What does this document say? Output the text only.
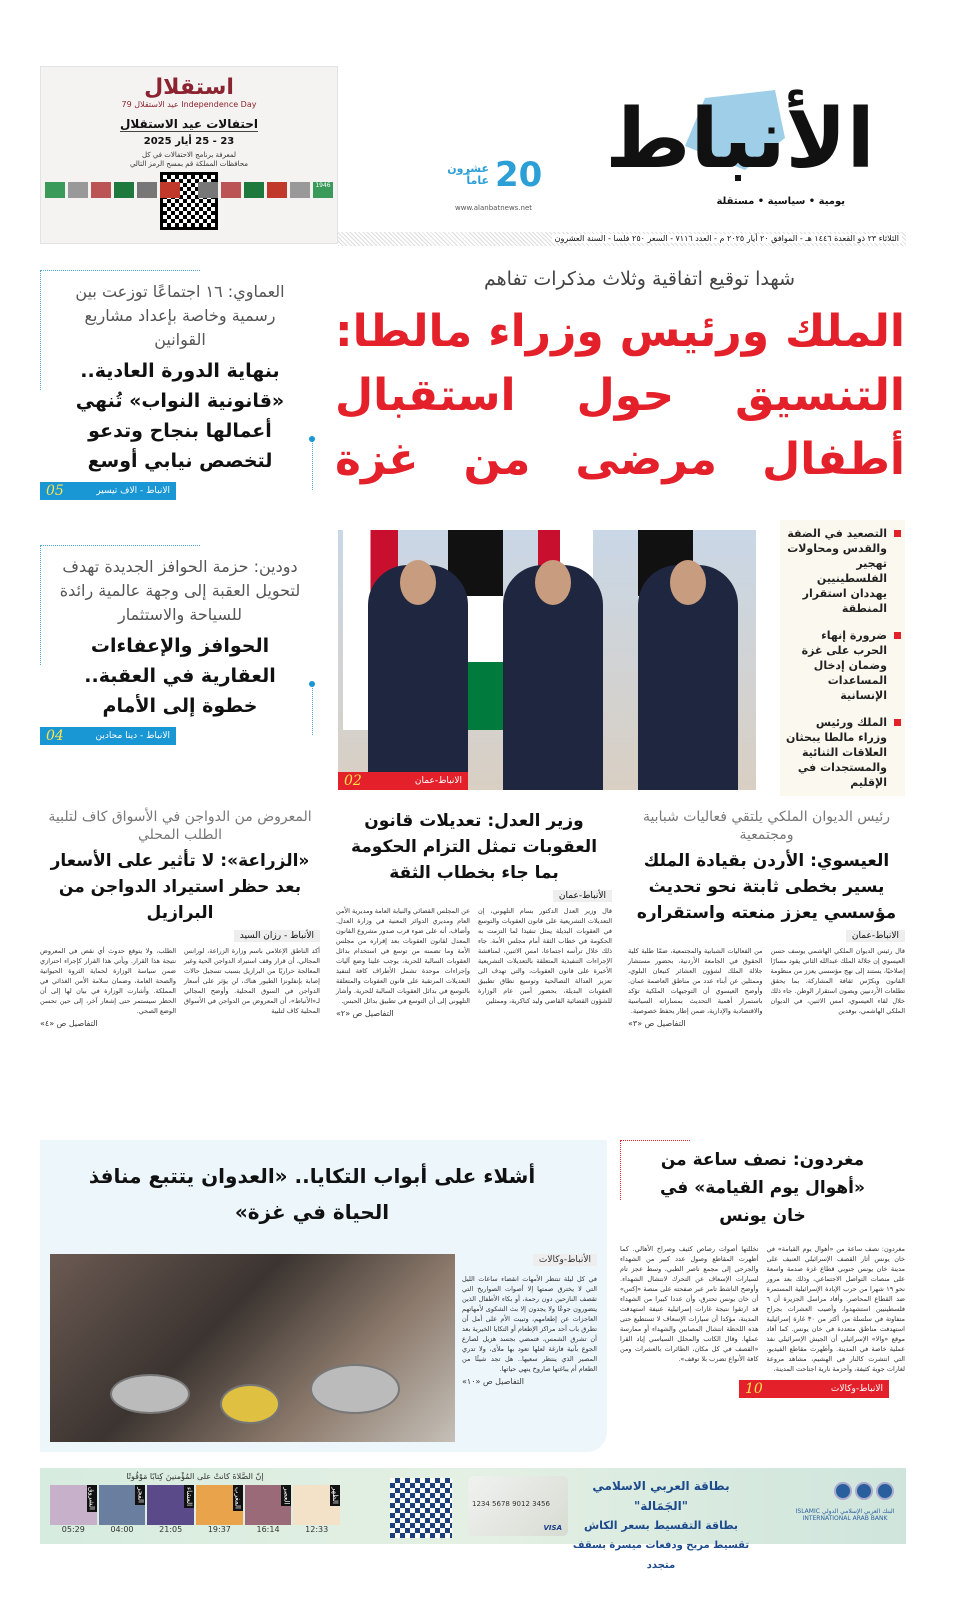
استقلال
Independence Day عيد الاستقلال 79
احتفالات عيد الاستقلال
23 - 25 أيار 2025
لمعرفة برنامج الاحتفالات في كل محافظات المملكة قم بمسح الرمز التالي
1946	الأنباط
يومية • سياسية • مستقلة
20
عشرون عاماً
www.alanbatnews.net
الثلاثاء ٢٣ ذو القعدة ١٤٤٦ هـ - الموافق ٢٠ أيار ٢٠٢٥ م - العدد ٧١١٦ - السعر ٢٥٠ فلسا - السنة العشرون
شهدا توقيع اتفاقية وثلاث مذكرات تفاهم
الملك ورئيس وزراء مالطا: التنسيق حول استقبال أطفال مرضى من غزة
الانباط-عمان
02
التصعيد في الضفة والقدس ومحاولات تهجير الفلسطينيين يهددان استقرار المنطقة
ضرورة إنهاء الحرب على غزة وضمان إدخال المساعدات الإنسانية
الملك ورئيس وزراء مالطا يبحثان العلاقات الثنائية والمستجدات في الإقليم
العماوي: ١٦ اجتماعًا توزعت بين رسمية وخاصة بإعداد مشاريع القوانين
بنهاية الدورة العادية.. «قانونية النواب» تُنهي أعمالها بنجاح وتدعو لتخصص نيابي أوسع
الانباط - الاف تيسير
05
دودين: حزمة الحوافز الجديدة تهدف لتحويل العقبة إلى وجهة عالمية رائدة للسياحة والاستثمار
الحوافز والإعفاءات العقارية في العقبة.. خطوة إلى الأمام
الانباط - دينا محادين
04
رئيس الديوان الملكي يلتقي فعاليات شبابية ومجتمعية
العيسوي: الأردن بقيادة الملك يسير بخطى ثابتة نحو تحديث مؤسسي يعزز منعته واستقراره
الانباط-عمان

قال رئيس الديوان الملكي الهاشمي يوسف حسن العيسوي إن جلالة الملك عبدالله الثاني يقود مسارًا إصلاحيًا، يستند إلى نهج مؤسسي يعزز من منظومة القانون ويكرّس ثقافة المشاركة، بما يحقق تطلعات الأردنيين ويصون استقرار الوطن. جاء ذلك خلال لقاء العيسوي، امس الاثنين، في الديوان الملكي الهاشمي، بوفدين

من الفعاليات الشبابية والمجتمعية، ضمّا طلبة كلية الحقوق في الجامعة الأردنية، بحضور مستشار جلالة الملك لشؤون العشائر كنيعان البلوي، وممثلين عن أبناء عدد من مناطق العاصمة عمان. وأوضح العيسوي أن التوجيهات الملكية تؤكد باستمرار أهمية التحديث بمساراته السياسية والاقتصادية والإدارية، ضمن إطار يحفظ خصوصية.

التفاصيل ص «٣»
وزير العدل: تعديلات قانون العقوبات تمثل التزام الحكومة بما جاء بخطاب الثقة
الأنباط-عمان

قال وزير العدل الدكتور بسام التلهوني، إن التعديلات التشريعية على قانون العقوبات والتوسع في العقوبات البديلة يمثل تنفيذا لما التزمت به الحكومة في خطاب الثقة أمام مجلس الأمة. جاء ذلك خلال ترأسه اجتماعا، امس الاثنين، لمناقشة الإجراءات التنفيذية المتعلقة بالتعديلات التشريعية الأخيرة على قانون العقوبات، والتي تهدف الى تعزيز العدالة التصالحية وتوسيع نطاق تطبيق العقوبات البديلة، بحضور أمين عام الوزارة للشؤون القضائية القاضي وليد كناكرية، وممثلين

عن المجلس القضائي والنيابة العامة ومديرية الأمن العام ومديري الدوائر المعنية في وزارة العدل. وأضاف، أنه على ضوء قرب صدور مشروع القانون المعدل لقانون العقوبات بعد إقراره من مجلس الأمة وما تضمنه من توسع في استخدام بدائل العقوبات السالبة للحرية، يوجب علينا وضع آليات وإجراءات موحدة تشمل الأطراف كافة لتنفيذ التعديلات المرتقبة على قانون العقوبات والمتعلقة بالتوسع في بدائل العقوبات السالبة للحرية. وأشار التلهوني إلى أن التوسع في تطبيق بدائل الحبس.

التفاصيل ص «٢»
المعروض من الدواجن في الأسواق كاف لتلبية الطلب المحلي
«الزراعة»: لا تأثير على الأسعار بعد حظر استيراد الدواجن من البرازيل
الأنباط - رزان السيد

أكد الناطق الإعلامي باسم وزارة الزراعة، لورانس المجالي، أن قرار وقف استيراد الدواجن الحية وغير المعالجة حراريًا من البرازيل بسبب تسجيل حالات إصابة بإنفلونزا الطيور هناك، لن يؤثر على أسعار الدواجن في السوق المحلية. وأوضح المجالي لـ«الأنباط»، أن المعروض من الدواجن في الأسواق المحلية كاف لتلبية

الطلب، ولا يتوقع حدوث أي نقص في المعروض نتيجة هذا القرار. ويأتي هذا القرار كإجراء احترازي ضمن سياسة الوزارة لحماية الثروة الحيوانية والصحة العامة، وضمان سلامة الأمن الغذائي في المملكة. وأشارت الوزارة في بيان لها إلى أن الحظر سيستمر حتى إشعار آخر، إلى حين تحسن الوضع الصحي.

التفاصيل ص «٤»
أشلاء على أبواب التكايا.. «العدوان يتتبع منافذ الحياة في غزة»
الأنباط-وكالات

في كل ليلة تنتظر الأمهات انقضاء ساعات الليل التي لا يخترق صمتها إلا أصوات الصواريخ التي تقصف النازحين دون رحمة، أو بكاء الأطفال الذين يتضورون جوعًا ولا يجدون إلا بث الشكوى لأمهاتهم العاجزات عن إطعامهم، وتبيت الأم على أمل أن تطرق باب أحد مراكز الإطعام أو التكايا الخيرية بعد أن تشرق الشمس، فتمضي بجسد هزيل لصارع الجوع بآنية فارغة لعلها تعود بها ملأى، ولا تدري المصير الذي ينتظر سعيها.. هل تجد شيئًا من الطعام أم يباغتها صاروخ ينهي حياتها.

التفاصيل ص «١٠»
مغردون: نصف ساعة من «أهوال يوم القيامة» في خان يونس

مغردون: نصف ساعة من «أهوال يوم القيامة» في خان يونس أثار القصف الإسرائيلي العنيف على مدينة خان يونس جنوبي قطاع غزة صدمة واسعة على منصات التواصل الاجتماعي، وذلك بعد مرور نحو ١٩ شهرا من حرب الإبادة الإسرائيلية المستمرة ضد القطاع المحاصر. وأفاد مراسل الجزيرة أن ٦ فلسطينيين استشهدوا، وأصيب العشرات بجراح متفاوتة في سلسلة من أكثر من ٣٠ غارة إسرائيلية استهدفت مناطق متعددة في خان يونس. كما أفاد موقع «والا» الإسرائيلي أن الجيش الإسرائيلي نفذ عملية خاصة في المدينة. وأظهرت مقاطع الفيديو، التي انتشرت كالنار في الهشيم، مشاهد مروعة لغارات جوية كثيفة، وأحزمة نارية اجتاحت المدينة،

تخللتها أصوات رصاص كثيف وصراخ الأهالي. كما أظهرت المقاطع وصول عدد كبير من الشهداء والجرحى إلى مجمع ناصر الطبي، وسط عجز تام لسيارات الإسعاف عن التحرك لانتشال الشهداء. وأوضح الناشط تامر عبر صفحته على منصة «إكس» أن خان يونس تحترق، وأن عددا كبيرا من الشهداء قد ارتقوا نتيجة غارات إسرائيلية عنيفة استهدفت المدينة، مؤكدا أن سيارات الإسعاف لا تستطيع حتى هذه اللحظة انتشال المصابين والشهداء أو ممارسة عملها. وقال الكاتب والمحلل السياسي إياد القرا «القصف في كل مكان، الطائرات بالعشرات ومن كافة الأنواع تضرب بلا توقف».

الانباط-وكالات
10
البنك العربي الإسلامي الدولي ISLAMIC INTERNATIONAL ARAB BANK
بطاقة العربي الاسلامي "الجَمَالة"
بطاقة التقسيط بسعر الكاش
تقسيط مريح ودفعات ميسرة بسقف متجدد
1234 5678 9012 3456
VISA
إنّ الصَّلاةَ كانتْ على المُؤْمنينَ كِتابًا مَوْقُوتًا
الشروق
05:29
الفجر
04:00
العشاء
21:05
المغرب
19:37
العصر
16:14
الظهر
12:33
